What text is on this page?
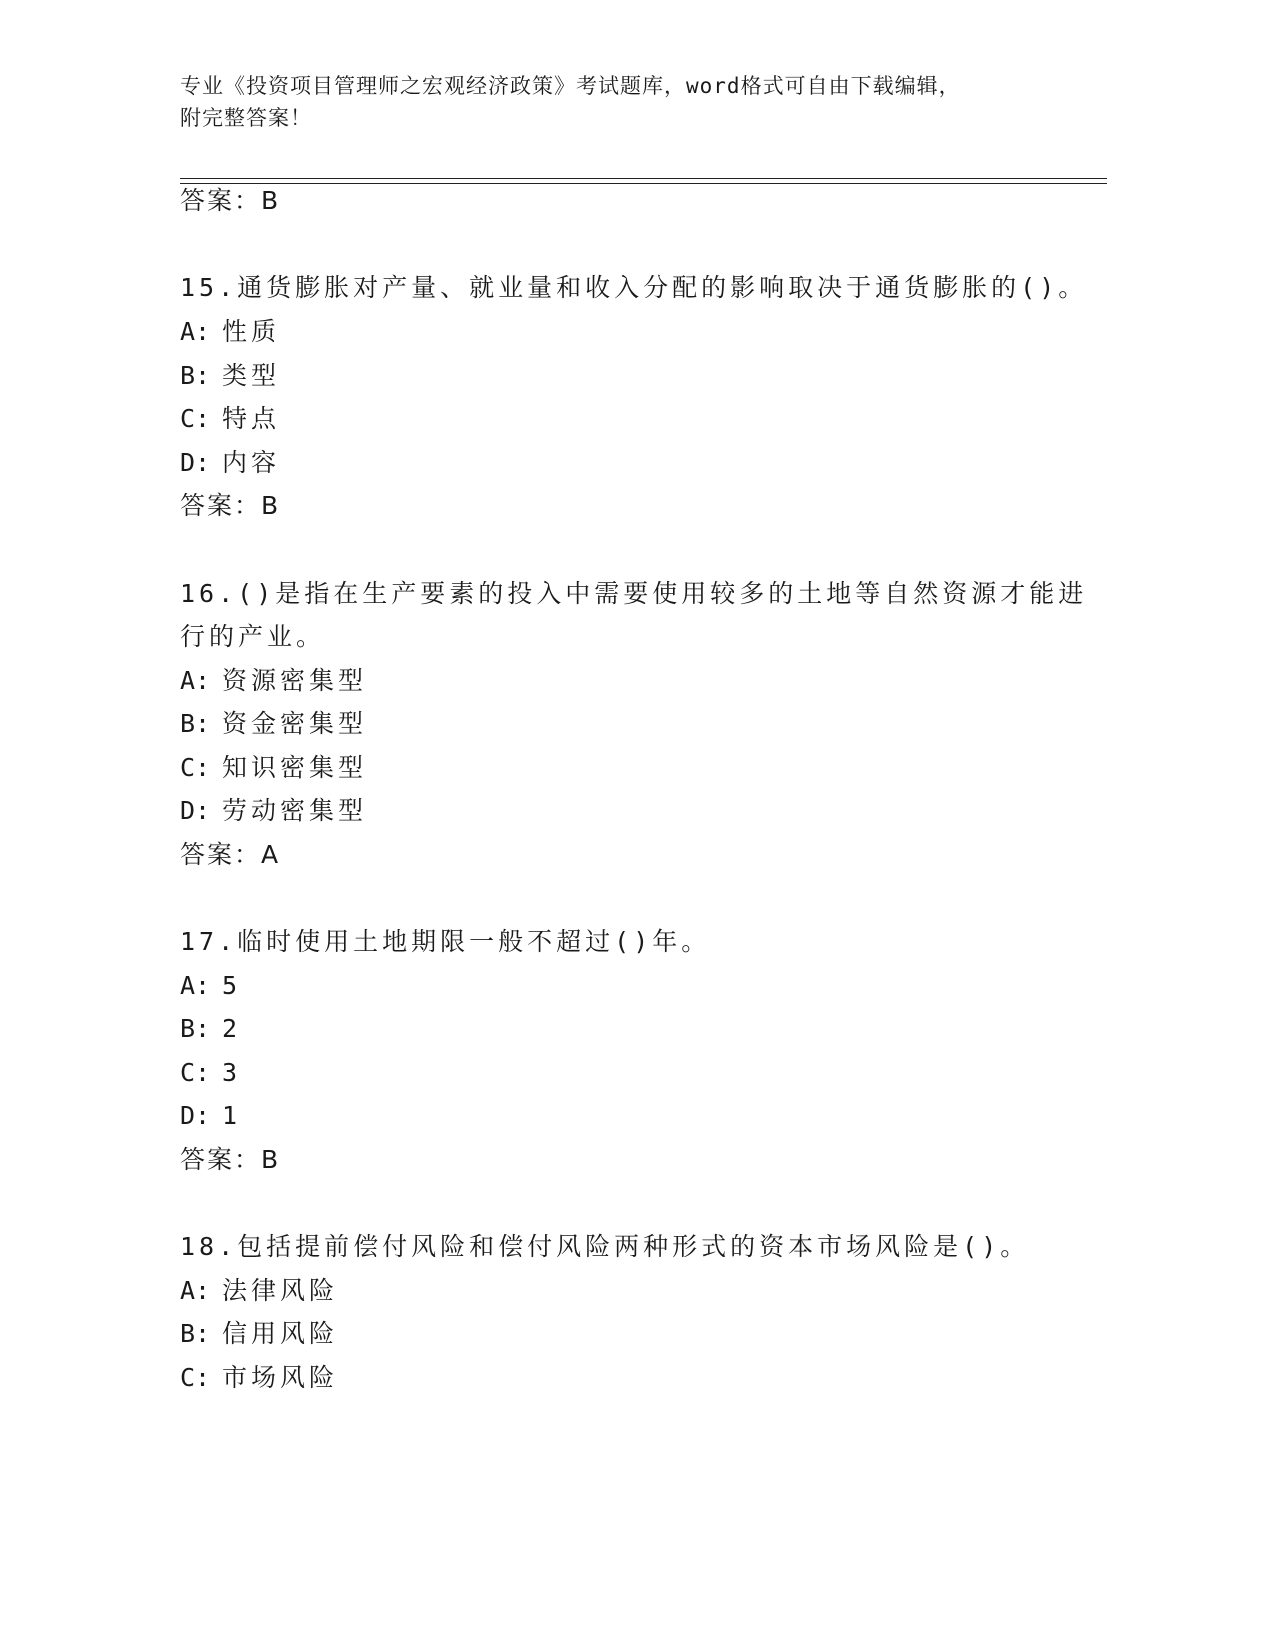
专业《投资项目管理师之宏观经济政策》考试题库，word格式可自由下载编辑，
附完整答案！
答案：B
15.通货膨胀对产量、就业量和收入分配的影响取决于通货膨胀的()。
A: 性质
B: 类型
C: 特点
D: 内容
答案：B
16.()是指在生产要素的投入中需要使用较多的土地等自然资源才能进
行的产业。
A: 资源密集型
B: 资金密集型
C: 知识密集型
D: 劳动密集型
答案：A
17.临时使用土地期限一般不超过()年。
A: 5
B: 2
C: 3
D: 1
答案：B
18.包括提前偿付风险和偿付风险两种形式的资本市场风险是()。
A: 法律风险
B: 信用风险
C: 市场风险
